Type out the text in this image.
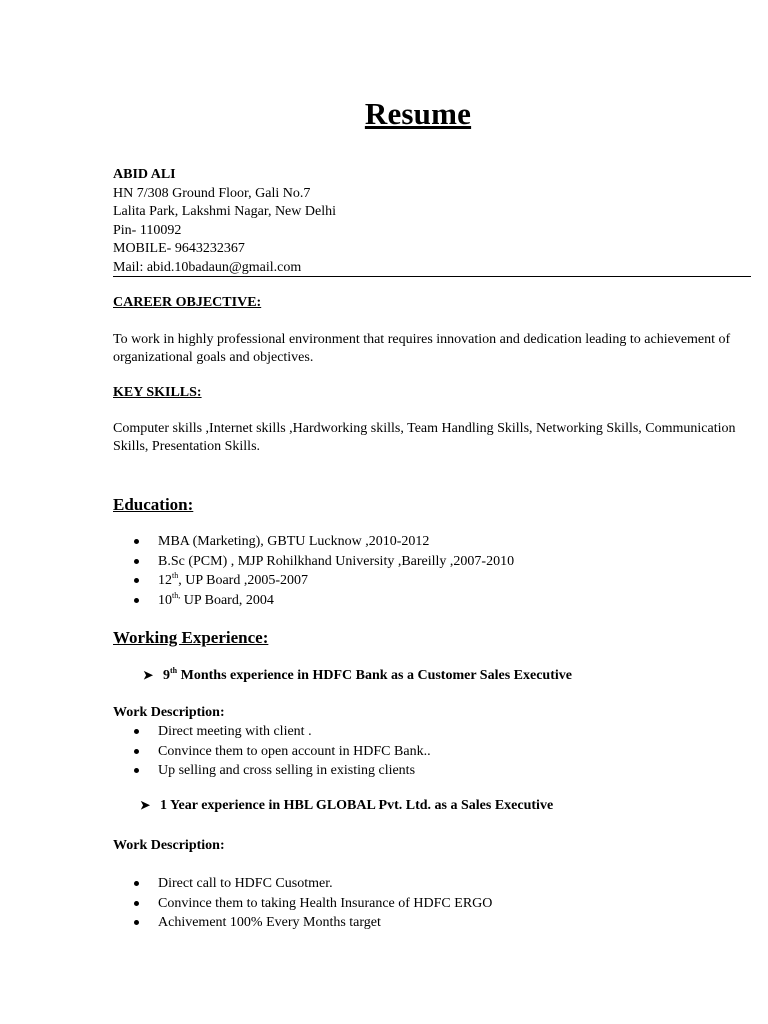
Resume
ABID ALI
HN 7/308 Ground Floor, Gali No.7
Lalita Park, Lakshmi Nagar, New Delhi
Pin- 110092
MOBILE- 9643232367
Mail: abid.10badaun@gmail.com
CAREER OBJECTIVE:
To work in highly professional environment that requires innovation and dedication leading to achievement of organizational goals and objectives.
KEY SKILLS:
Computer skills ,Internet skills ,Hardworking skills, Team Handling Skills, Networking Skills, Communication Skills, Presentation Skills.
Education:
MBA (Marketing), GBTU Lucknow ,2010-2012
B.Sc (PCM) , MJP Rohilkhand University ,Bareilly ,2007-2010
12th, UP Board ,2005-2007
$10^{th,}$ UP Board, 2004
Working Experience:
➤ 9th Months experience in HDFC Bank as a Customer Sales Executive
Work Description:
Direct meeting with client .
Convince them to open account in HDFC Bank..
Up selling and cross selling in existing clients
➤ 1 Year experience in HBL GLOBAL Pvt. Ltd. as a Sales Executive
Work Description:
Direct call to HDFC Cusotmer.
Convince them to taking Health Insurance of HDFC ERGO
Achivement 100% Every Months target
